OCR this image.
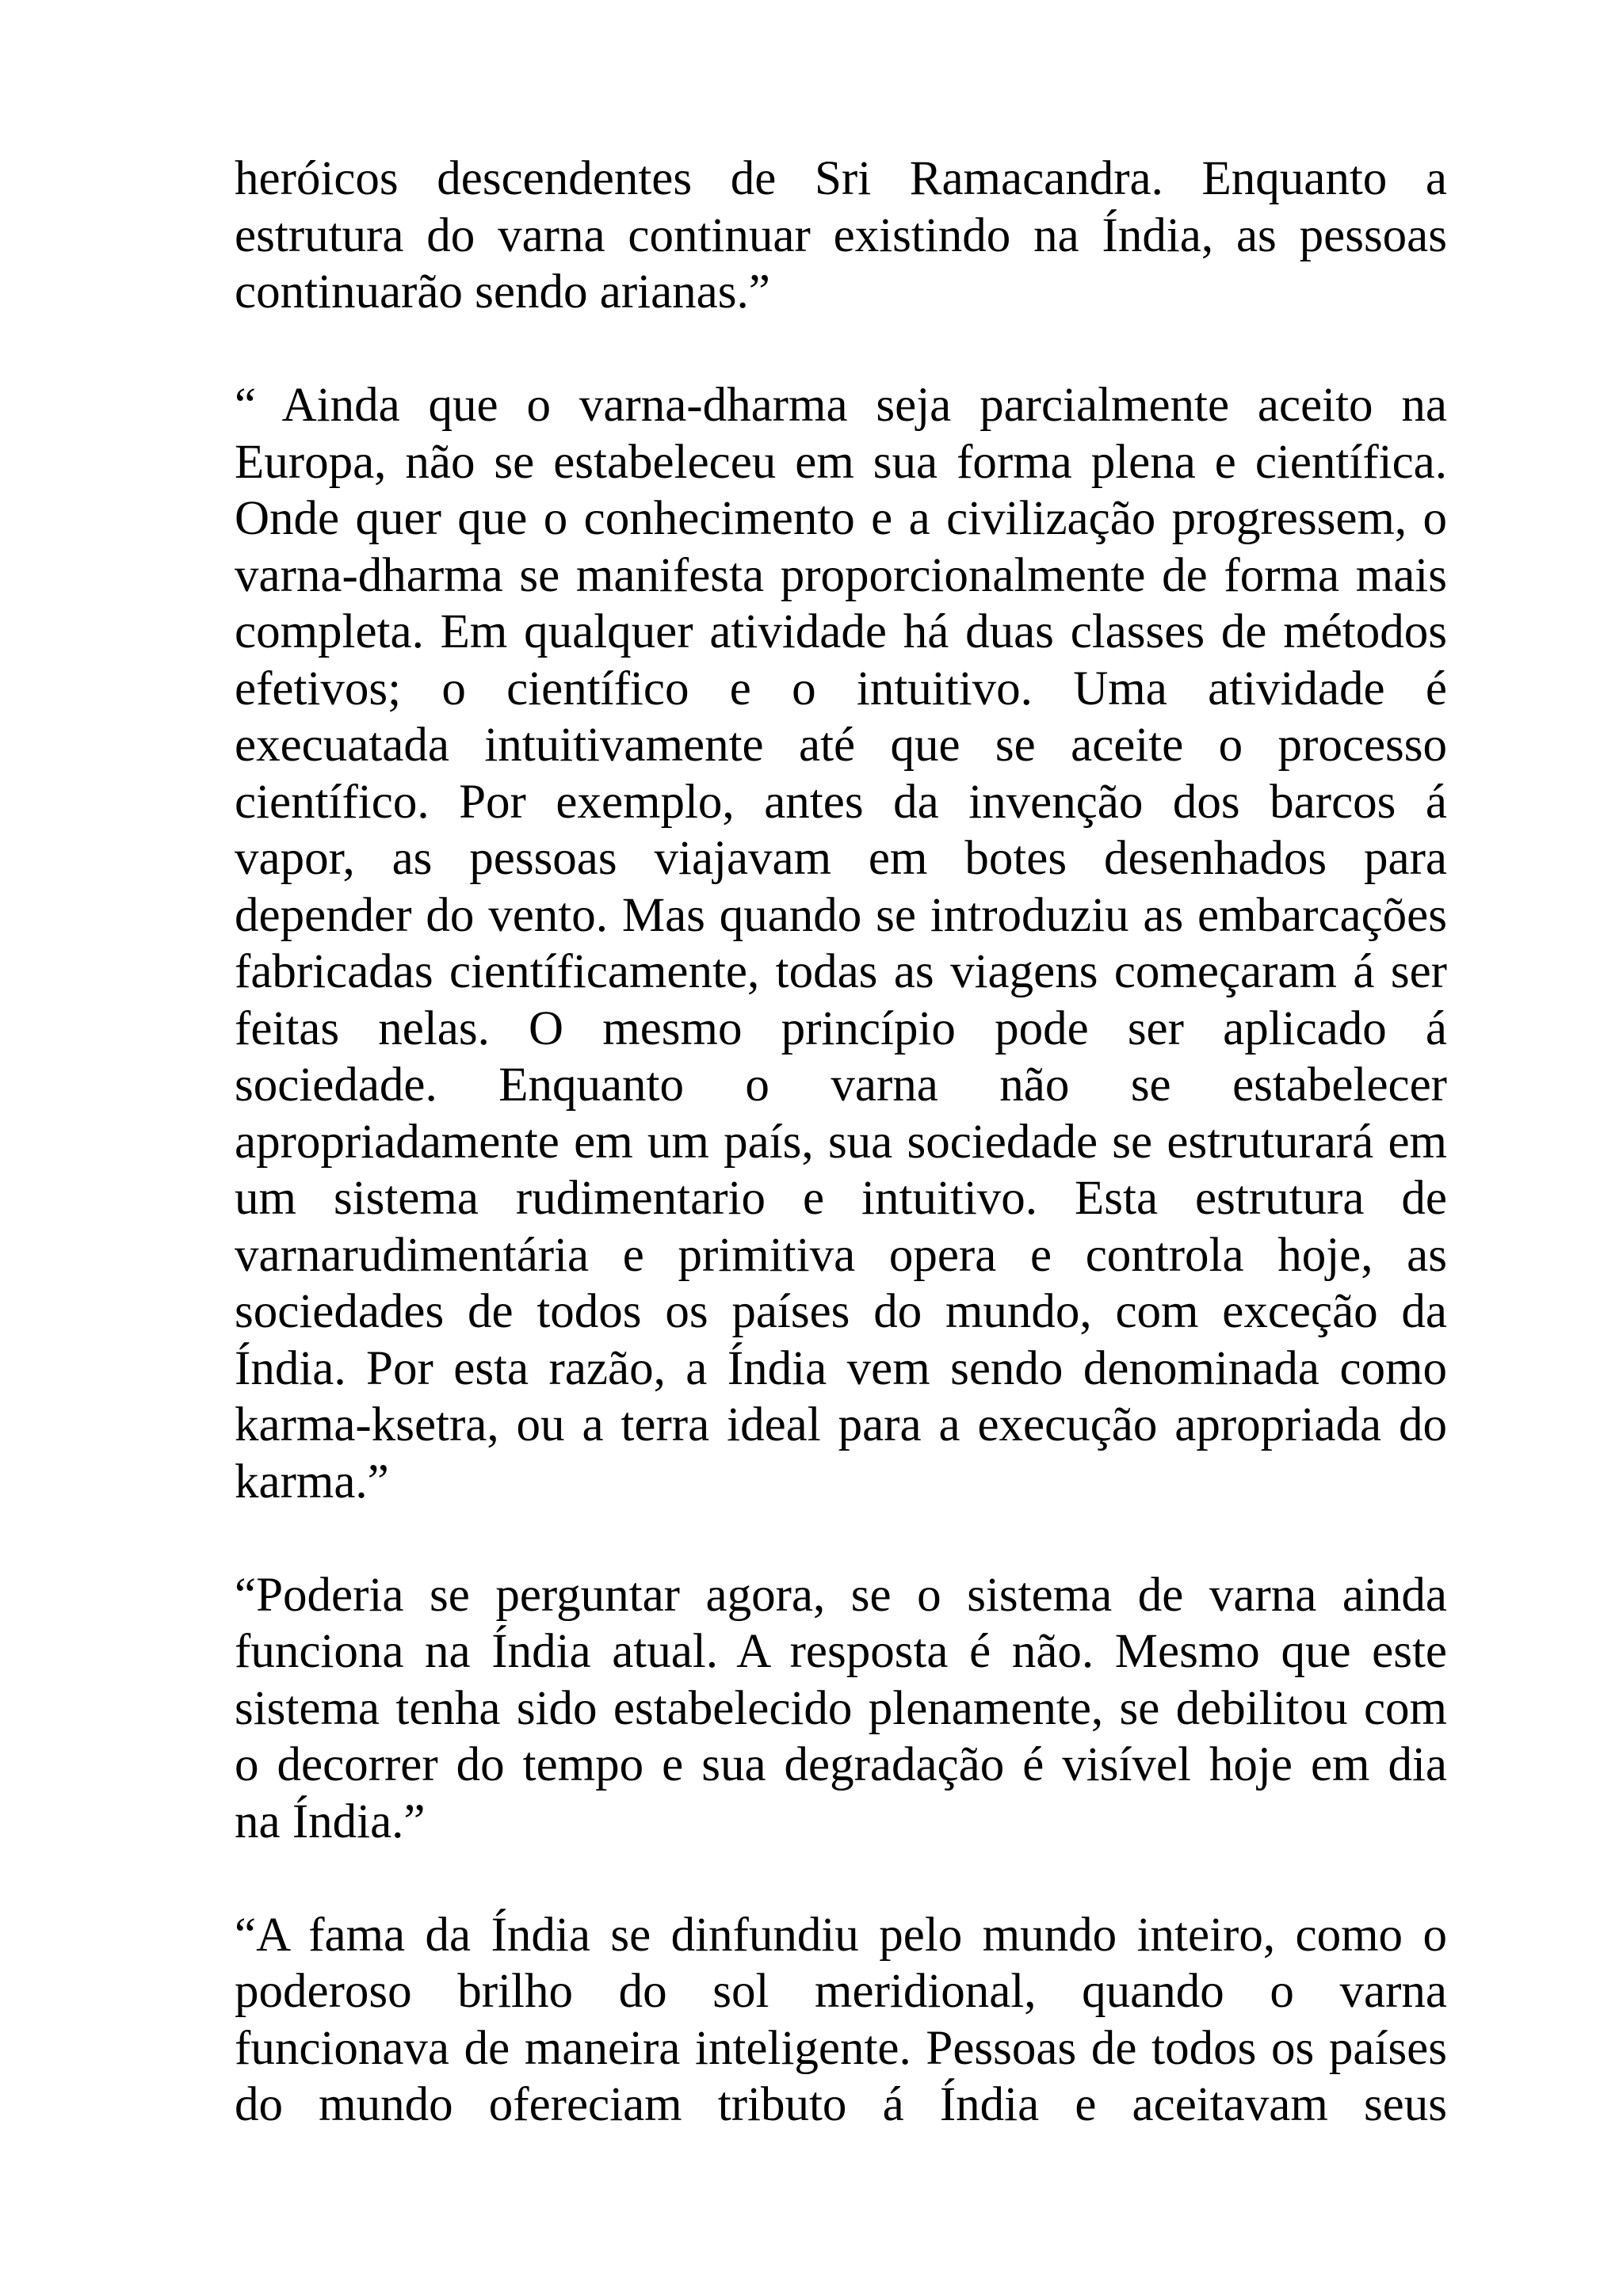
heróicos descendentes de Sri Ramacandra. Enquanto a
estrutura do varna continuar existindo na Índia, as pessoas
continuarão sendo arianas.”

“ Ainda que o varna-dharma seja parcialmente aceito na
Europa, não se estabeleceu em sua forma plena e científica.
Onde quer que o conhecimento e a civilização progressem, o
varna-dharma se manifesta proporcionalmente de forma mais
completa. Em qualquer atividade há duas classes de métodos
efetivos; o científico e o intuitivo. Uma atividade é
execuatada intuitivamente até que se aceite o processo
científico. Por exemplo, antes da invenção dos barcos á
vapor, as pessoas viajavam em botes desenhados para
depender do vento. Mas quando se introduziu as embarcações
fabricadas científicamente, todas as viagens começaram á ser
feitas nelas. O mesmo princípio pode ser aplicado á
sociedade. Enquanto o varna não se estabelecer
apropriadamente em um país, sua sociedade se estruturará em
um sistema rudimentario e intuitivo. Esta estrutura de
varnarudimentária e primitiva opera e controla hoje, as
sociedades de todos os países do mundo, com exceção da
Índia. Por esta razão, a Índia vem sendo denominada como
karma-ksetra, ou a terra ideal para a execução apropriada do
karma.”

“Poderia se perguntar agora, se o sistema de varna ainda
funciona na Índia atual. A resposta é não. Mesmo que este
sistema tenha sido estabelecido plenamente, se debilitou com
o decorrer do tempo e sua degradação é visível hoje em dia
na Índia.”

“A fama da Índia se dinfundiu pelo mundo inteiro, como o
poderoso brilho do sol meridional, quando o varna
funcionava de maneira inteligente. Pessoas de todos os países
do mundo ofereciam tributo á Índia e aceitavam seus
